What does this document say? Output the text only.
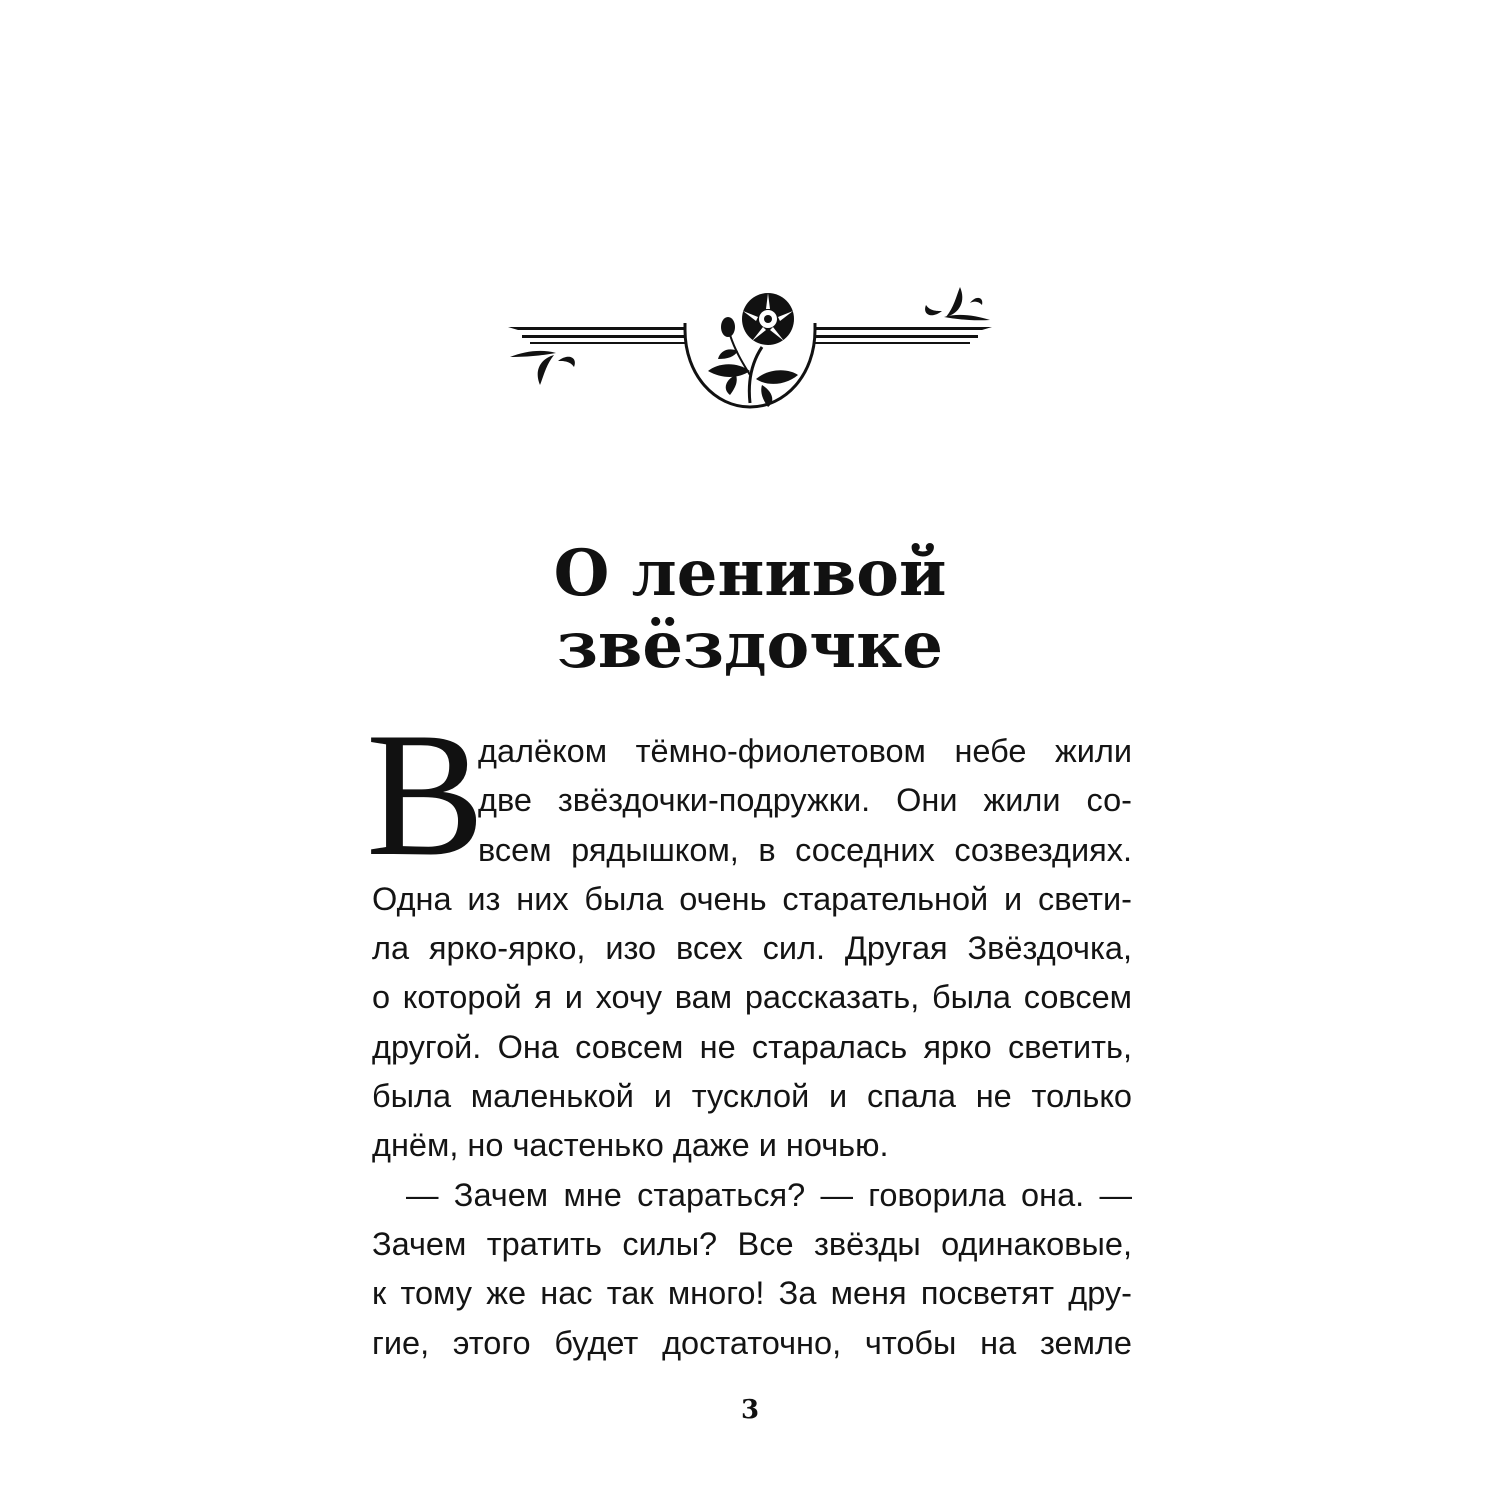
О ленивой
звёздочке
В
далёком тёмно-фиолетовом небе жили
две звёздочки-подружки. Они жили со-
всем рядышком, в соседних созвездиях.
Одна из них была очень старательной и свети-
ла ярко-ярко, изо всех сил. Другая Звёздочка,
о которой я и хочу вам рассказать, была совсем
другой. Она совсем не старалась ярко светить,
была маленькой и тусклой и спала не только
днём, но частенько даже и ночью.
— Зачем мне стараться? — говорила она. —
Зачем тратить силы? Все звёзды одинаковые,
к тому же нас так много! За меня посветят дру-
гие, этого будет достаточно, чтобы на земле
3
